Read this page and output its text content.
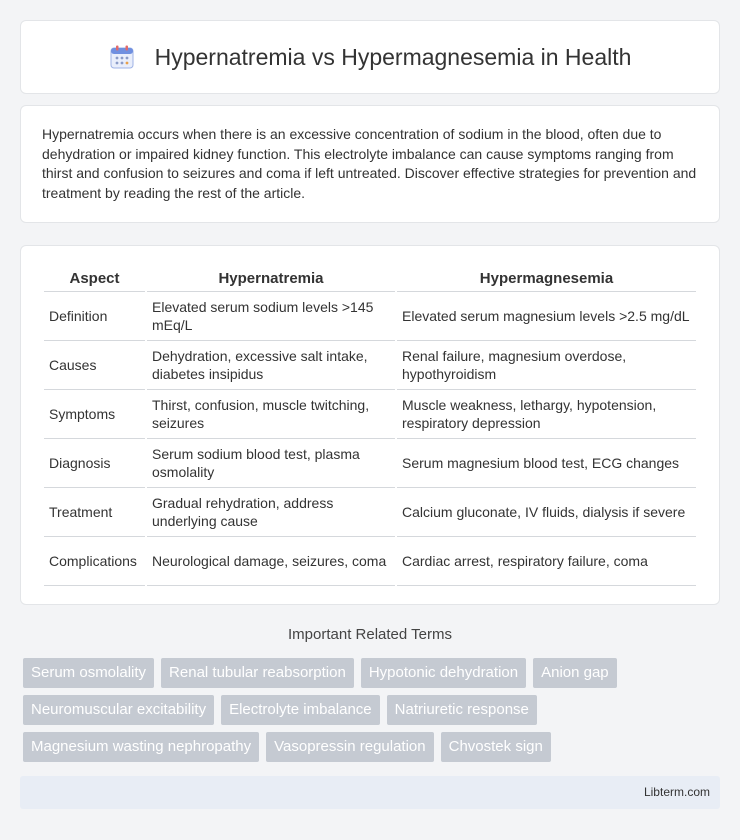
Hypernatremia vs Hypermagnesemia in Health

Hypernatremia occurs when there is an excessive concentration of sodium in the blood, often due to dehydration or impaired kidney function. This electrolyte imbalance can cause symptoms ranging from thirst and confusion to seizures and coma if left untreated. Discover effective strategies for prevention and treatment by reading the rest of the article.

Aspect	Hypernatremia	Hypermagnesemia
Definition	Elevated serum sodium levels >145 mEq/L	Elevated serum magnesium levels >2.5 mg/dL
Causes	Dehydration, excessive salt intake, diabetes insipidus	Renal failure, magnesium overdose, hypothyroidism
Symptoms	Thirst, confusion, muscle twitching, seizures	Muscle weakness, lethargy, hypotension, respiratory depression
Diagnosis	Serum sodium blood test, plasma osmolality	Serum magnesium blood test, ECG changes
Treatment	Gradual rehydration, address underlying cause	Calcium gluconate, IV fluids, dialysis if severe
Complications	Neurological damage, seizures, coma	Cardiac arrest, respiratory failure, coma
Important Related Terms
Serum osmolality	Renal tubular reabsorption	Hypotonic dehydration	Anion gap
Neuromuscular excitability	Electrolyte imbalance	Natriuretic response
Magnesium wasting nephropathy	Vasopressin regulation	Chvostek sign
Libterm.com
